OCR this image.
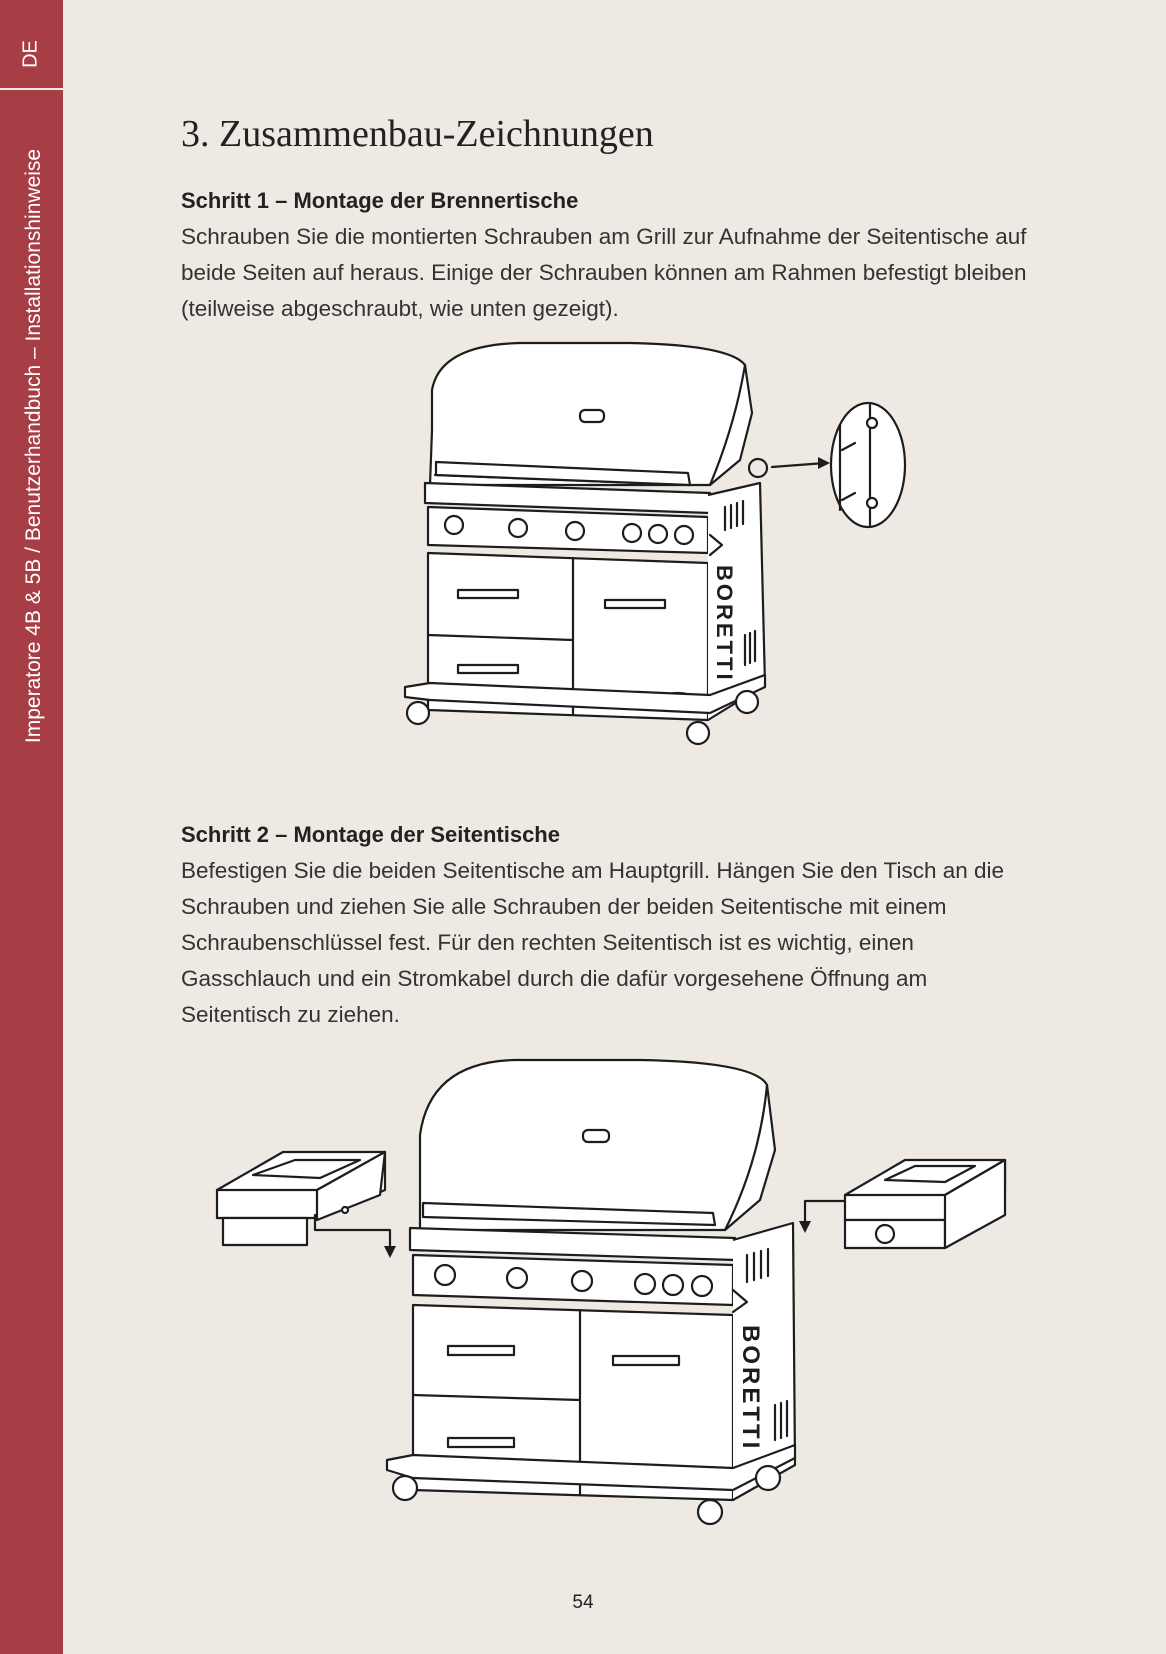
DE
Imperatore 4B & 5B / Benutzerhandbuch – Installationshinweise
3. Zusammenbau-Zeichnungen
Schritt 1 – Montage der Brennertische

Schrauben Sie die montierten Schrauben am Grill zur Aufnahme der Seitentische auf beide Seiten auf heraus. Einige der Schrauben können am Rahmen befestigt bleiben (teilweise abgeschraubt, wie unten gezeigt).

BORETTI
Schritt 2 – Montage der Seitentische

Befestigen Sie die beiden Seitentische am Hauptgrill. Hängen Sie den Tisch an die Schrauben und ziehen Sie alle Schrauben der beiden Seitentische mit einem Schraubenschlüssel fest. Für den rechten Seitentisch ist es wichtig, einen Gasschlauch und ein Stromkabel durch die dafür vorgesehene Öffnung am Seitentisch zu ziehen.

BORETTI
54
